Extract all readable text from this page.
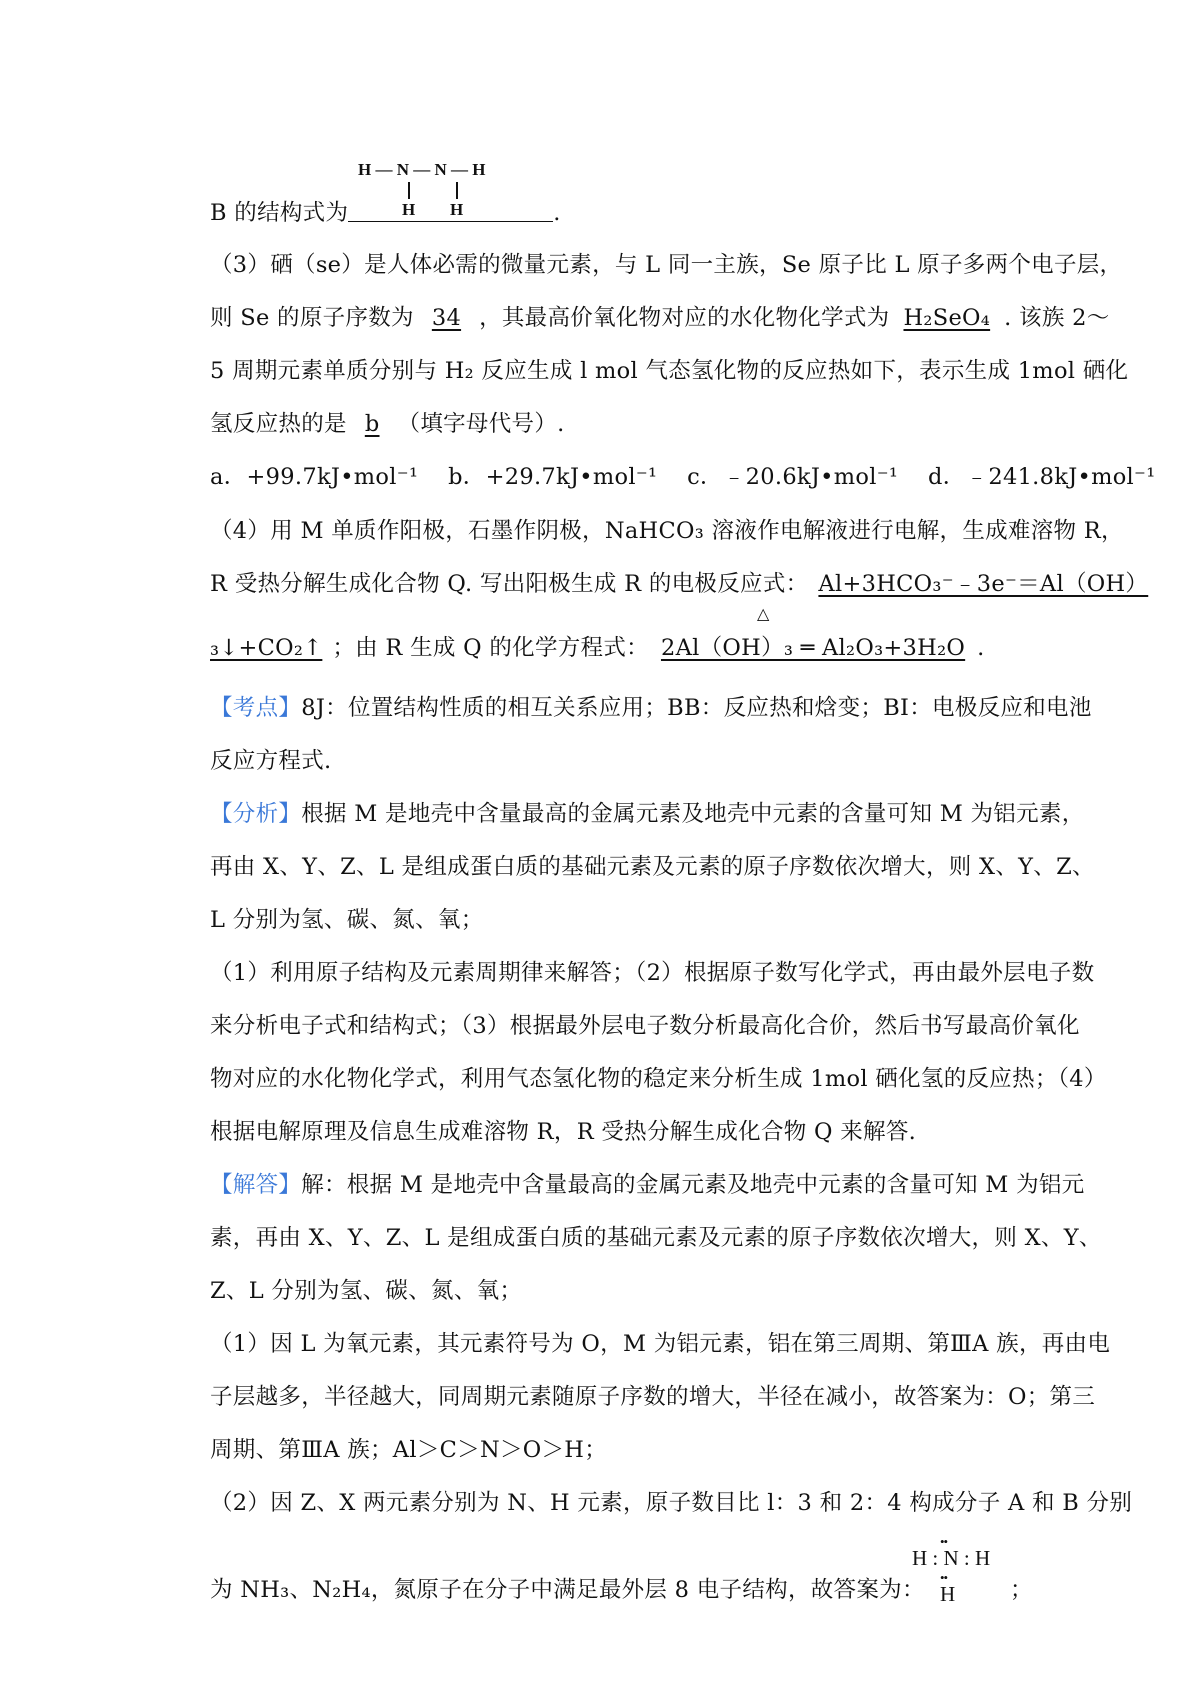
H — N — N — H
H H
B 的结构式为	.
（3）硒（se）是人体必需的微量元素，与 L 同一主族，Se 原子比 L 原子多两个电子层，
则 Se 的原子序数为 34 ，其最高价氧化物对应的水化物化学式为 H₂SeO₄ . 该族 2～
5 周期元素单质分别与 H₂ 反应生成 l mol 气态氢化物的反应热如下，表示生成 1mol 硒化
氢反应热的是 b （填字母代号）.
a．+99.7kJ•mol⁻¹    b．+29.7kJ•mol⁻¹    c．﹣20.6kJ•mol⁻¹    d．﹣241.8kJ•mol⁻¹
（4）用 M 单质作阳极，石墨作阴极，NaHCO₃ 溶液作电解液进行电解，生成难溶物 R，
R 受热分解生成化合物 Q. 写出阳极生成 R 的电极反应式： Al+3HCO₃⁻﹣3e⁻＝Al（OH）
△
₃↓+CO₂↑ ；由 R 生成 Q 的化学方程式： 2Al（OH）₃ ═ Al₂O₃+3H₂O .
【考点】8J：位置结构性质的相互关系应用；BB：反应热和焓变；BI：电极反应和电池
反应方程式.
【分析】根据 M 是地壳中含量最高的金属元素及地壳中元素的含量可知 M 为铝元素，
再由 X、Y、Z、L 是组成蛋白质的基础元素及元素的原子序数依次增大，则 X、Y、Z、
L 分别为氢、碳、氮、氧；
（1）利用原子结构及元素周期律来解答；（2）根据原子数写化学式，再由最外层电子数
来分析电子式和结构式；（3）根据最外层电子数分析最高化合价，然后书写最高价氧化
物对应的水化物化学式，利用气态氢化物的稳定来分析生成 1mol 硒化氢的反应热；（4）
根据电解原理及信息生成难溶物 R，R 受热分解生成化合物 Q 来解答.
【解答】解：根据 M 是地壳中含量最高的金属元素及地壳中元素的含量可知 M 为铝元
素，再由 X、Y、Z、L 是组成蛋白质的基础元素及元素的原子序数依次增大，则 X、Y、
Z、L 分别为氢、碳、氮、氧；
（1）因 L 为氧元素，其元素符号为 O，M 为铝元素，铝在第三周期、第ⅢA 族，再由电
子层越多，半径越大，同周期元素随原子序数的增大，半径在减小，故答案为：O；第三
周期、第ⅢA 族；Al＞C＞N＞O＞H；
（2）因 Z、X 两元素分别为 N、H 元素，原子数目比 l：3 和 2：4 构成分子 A 和 B 分别
••
H : N : H
••
H
为 NH₃、N₂H₄，氮原子在分子中满足最外层 8 电子结构，故答案为：	；
